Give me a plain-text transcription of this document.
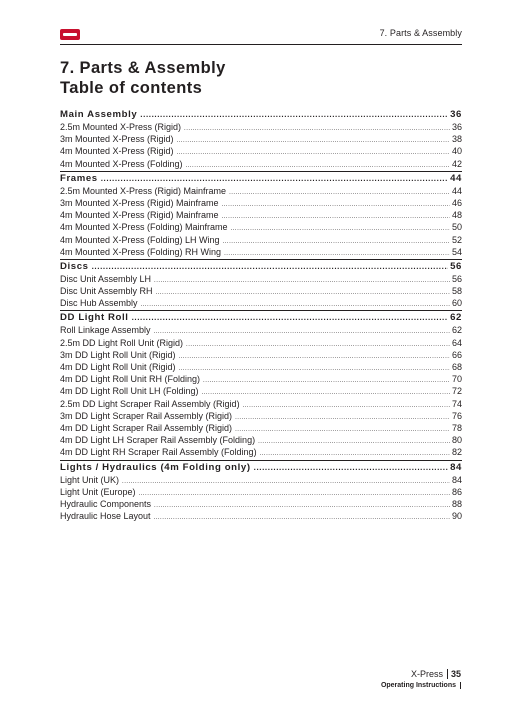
7. Parts & Assembly
7. Parts & Assembly
Table of contents
Main Assembly .....	36
2.5m Mounted X-Press (Rigid) .....	36
3m Mounted X-Press (Rigid) .....	38
4m Mounted X-Press (Rigid) .....	40
4m Mounted X-Press (Folding) .....	42
Frames .....	44
2.5m Mounted X-Press (Rigid) Mainframe .....	44
3m Mounted X-Press (Rigid) Mainframe .....	46
4m Mounted X-Press (Rigid) Mainframe .....	48
4m Mounted X-Press (Folding) Mainframe .....	50
4m Mounted X-Press (Folding) LH Wing .....	52
4m Mounted X-Press (Folding) RH Wing .....	54
Discs .....	56
Disc Unit Assembly LH .....	56
Disc Unit Assembly RH .....	58
Disc Hub Assembly .....	60
DD Light Roll .....	62
Roll Linkage Assembly .....	62
2.5m DD Light Roll Unit (Rigid) .....	64
3m DD Light Roll Unit (Rigid) .....	66
4m DD Light Roll Unit (Rigid) .....	68
4m DD Light Roll Unit RH (Folding) .....	70
4m DD Light Roll Unit LH (Folding) .....	72
2.5m DD Light Scraper Rail Assembly (Rigid) .....	74
3m DD Light Scraper Rail Assembly (Rigid) .....	76
4m DD Light Scraper Rail Assembly (Rigid) .....	78
4m DD Light LH Scraper Rail Assembly (Folding) .....	80
4m DD Light RH Scraper Rail Assembly (Folding) .....	82
Lights / Hydraulics (4m Folding only) .....	84
Light Unit (UK) .....	84
Light Unit (Europe) .....	86
Hydraulic Components .....	88
Hydraulic Hose Layout .....	90
X-Press 35
Operating Instructions
